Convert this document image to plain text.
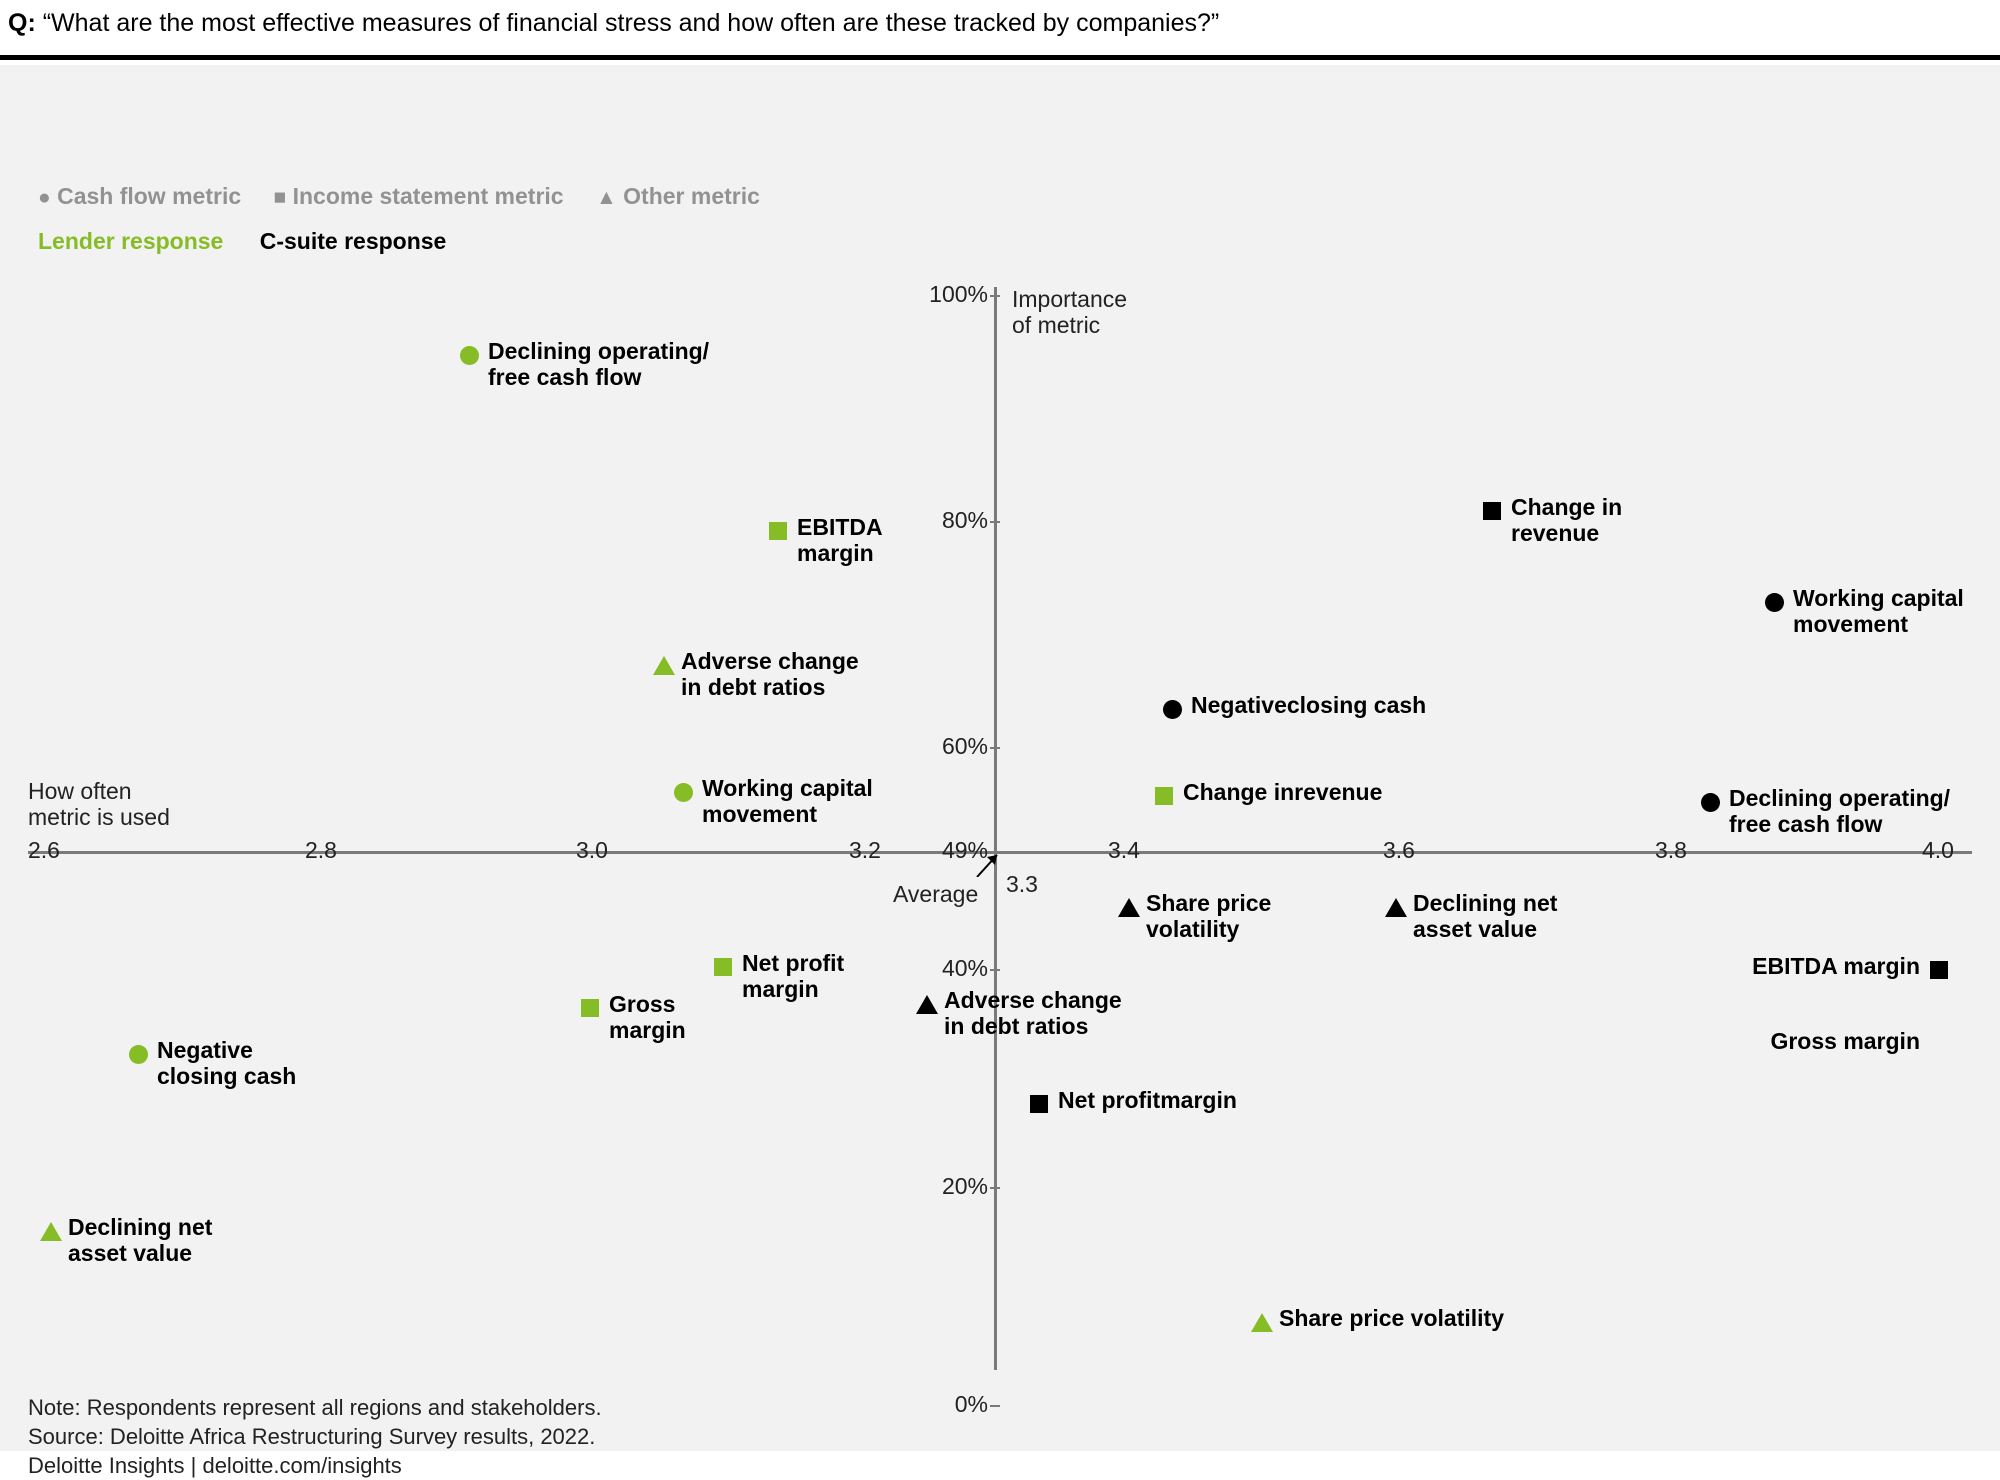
Q: “What are the most effective measures of financial stress and how often are these tracked by companies?”
● Cash flow metric ■ Income statement metric ▲ Other metric
Lender response C-suite response
Importance
of metric
How often
metric is used
100%
80%
60%
49%
40%
20%
0%
2.6	2.8	3.0	3.2	3.4	3.6	3.8	4.0
Average 3.3
Declining operating/
free cash flow
EBITDA
margin
Adverse change
in debt ratios
Working capital
movement
Change inrevenue
Net profit
margin
Gross
margin
Negative
closing cash
Declining net
asset value
Share price volatility
Change in
revenue
Working capital
movement
Negativeclosing cash
Declining operating/
free cash flow
Share price
volatility
Declining net
asset value
Adverse change
in debt ratios
EBITDA margin
Gross margin
Net profitmargin
Note: Respondents represent all regions and stakeholders.
Source: Deloitte Africa Restructuring Survey results, 2022.
Deloitte Insights | deloitte.com/insights
